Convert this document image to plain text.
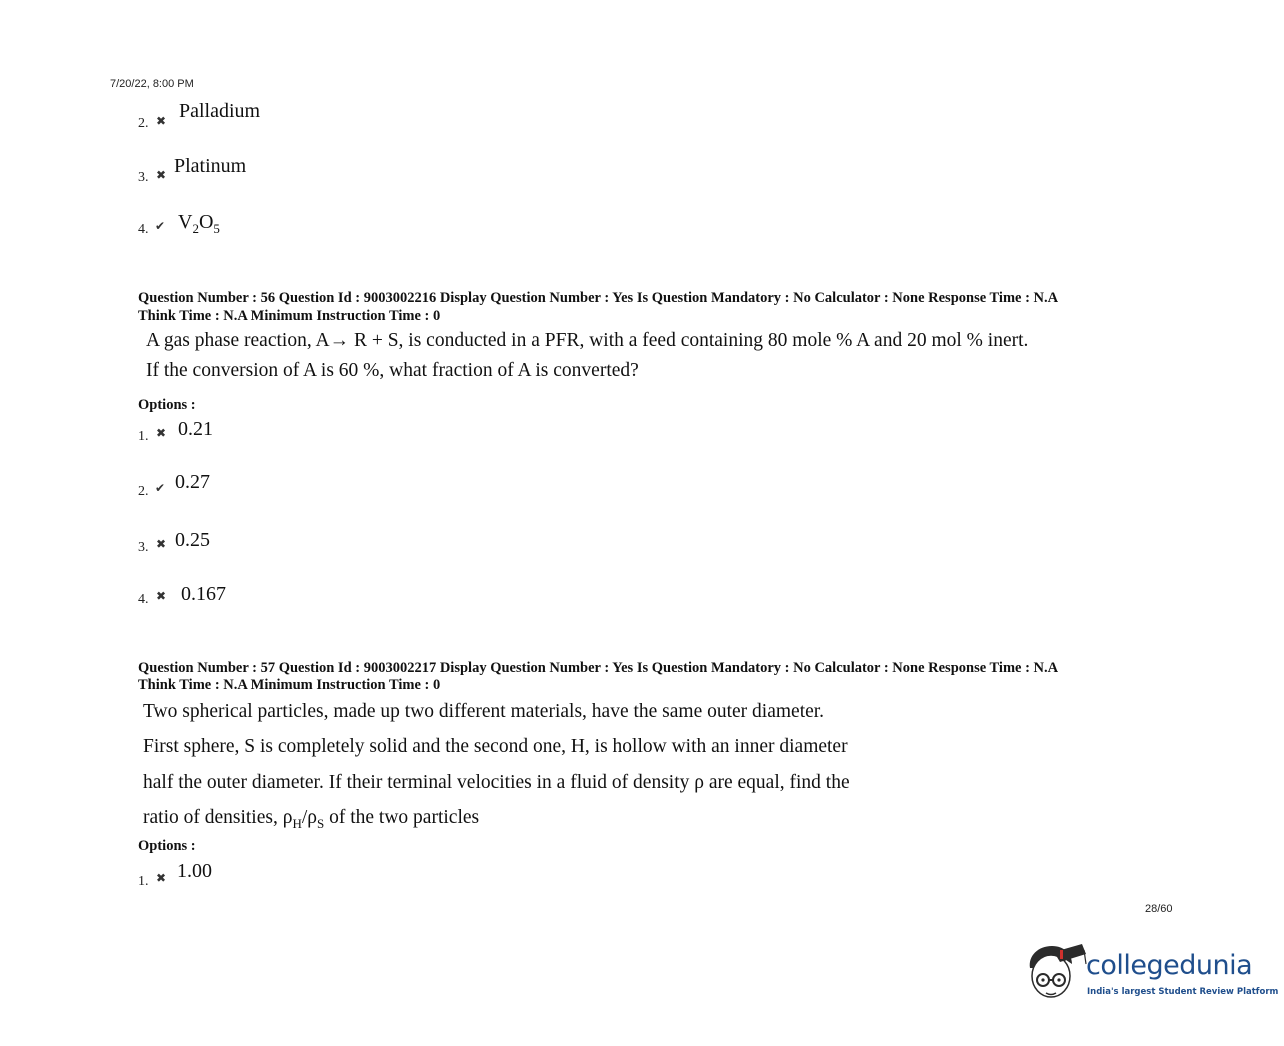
7/20/22, 8:00 PM
2. ✖ Palladium
3. ✖ Platinum
4. ✔ $V_2O_5$
Question Number : 56 Question Id : 9003002216 Display Question Number : Yes Is Question Mandatory : No Calculator : None Response Time : N.A
Think Time : N.A Minimum Instruction Time : 0
A gas phase reaction, A→ R + S, is conducted in a PFR, with a feed containing 80 mole % A and 20 mol % inert.
If the conversion of A is 60 %, what fraction of A is converted?
Options :
1. ✖ 0.21
2. ✔ 0.27
3. ✖ 0.25
4. ✖ 0.167
Question Number : 57 Question Id : 9003002217 Display Question Number : Yes Is Question Mandatory : No Calculator : None Response Time : N.A
Think Time : N.A Minimum Instruction Time : 0
Two spherical particles, made up two different materials, have the same outer diameter.
First sphere, S is completely solid and the second one, H, is hollow with an inner diameter
half the outer diameter. If their terminal velocities in a fluid of density ρ are equal, find the
ratio of densities, $\rho_H/\rho_S$ of the two particles
Options :
1. ✖ 1.00
28/60
collegedunia
India's largest Student Review Platform
